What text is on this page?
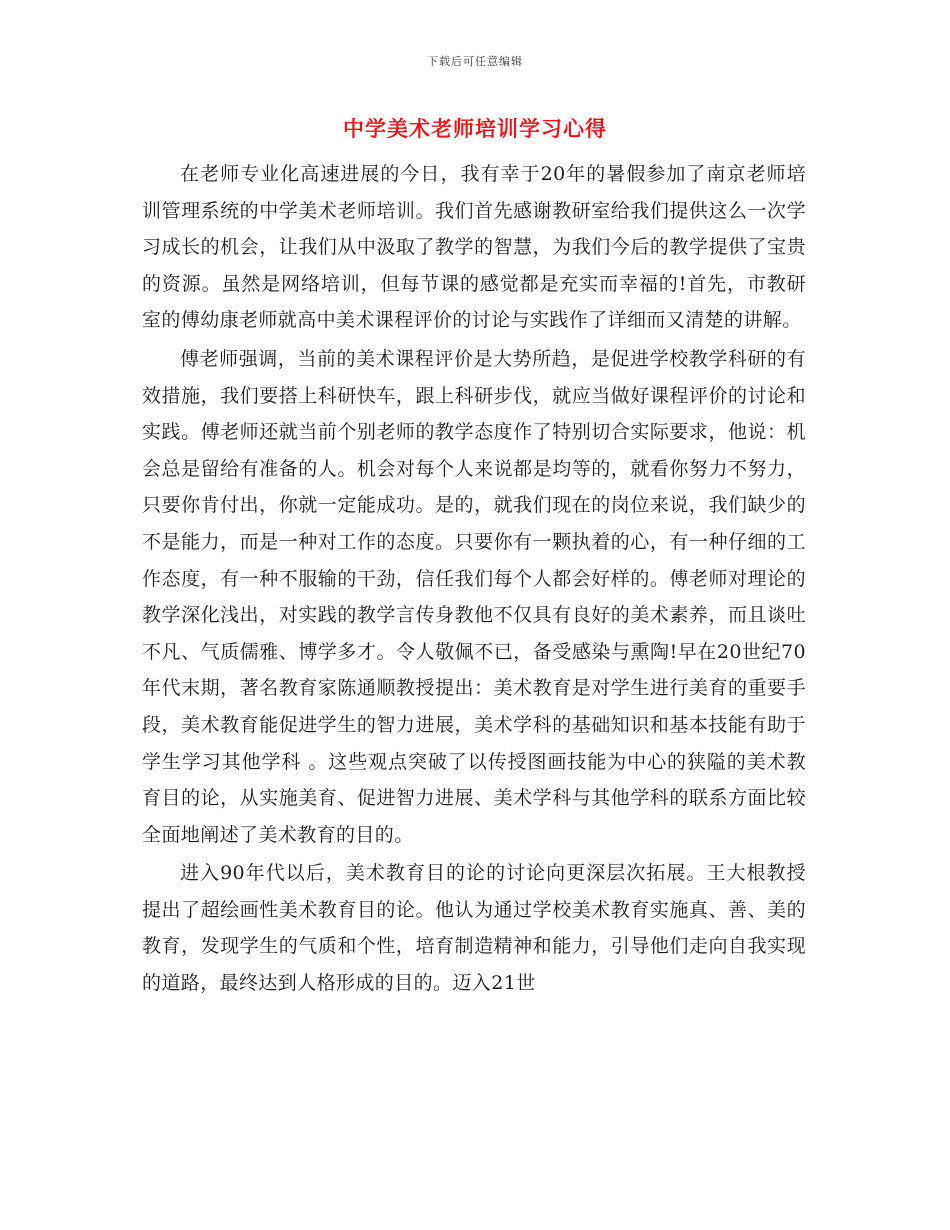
下载后可任意编辑
中学美术老师培训学习心得

在老师专业化高速进展的今日，我有幸于20年的暑假参加了南京老师培训管理系统的中学美术老师培训。我们首先感谢教研室给我们提供这么一次学习成长的机会，让我们从中汲取了教学的智慧，为我们今后的教学提供了宝贵的资源。虽然是网络培训，但每节课的感觉都是充实而幸福的!首先，市教研室的傅幼康老师就高中美术课程评价的讨论与实践作了详细而又清楚的讲解。

傅老师强调，当前的美术课程评价是大势所趋，是促进学校教学科研的有效措施，我们要搭上科研快车，跟上科研步伐，就应当做好课程评价的讨论和实践。傅老师还就当前个别老师的教学态度作了特别切合实际要求，他说：机会总是留给有准备的人。机会对每个人来说都是均等的，就看你努力不努力，只要你肯付出，你就一定能成功。是的，就我们现在的岗位来说，我们缺少的不是能力，而是一种对工作的态度。只要你有一颗执着的心，有一种仔细的工作态度，有一种不服输的干劲，信任我们每个人都会好样的。傅老师对理论的教学深化浅出，对实践的教学言传身教他不仅具有良好的美术素养，而且谈吐不凡、气质儒雅、博学多才。令人敬佩不已，备受感染与熏陶!早在20世纪70年代末期，著名教育家陈通顺教授提出：美术教育是对学生进行美育的重要手段，美术教育能促进学生的智力进展，美术学科的基础知识和基本技能有助于学生学习其他学科 。这些观点突破了以传授图画技能为中心的狭隘的美术教育目的论，从实施美育、促进智力进展、美术学科与其他学科的联系方面比较全面地阐述了美术教育的目的。

进入90年代以后，美术教育目的论的讨论向更深层次拓展。王大根教授提出了超绘画性美术教育目的论。他认为通过学校美术教育实施真、善、美的教育，发现学生的气质和个性，培育制造精神和能力，引导他们走向自我实现的道路，最终达到人格形成的目的。迈入21世
